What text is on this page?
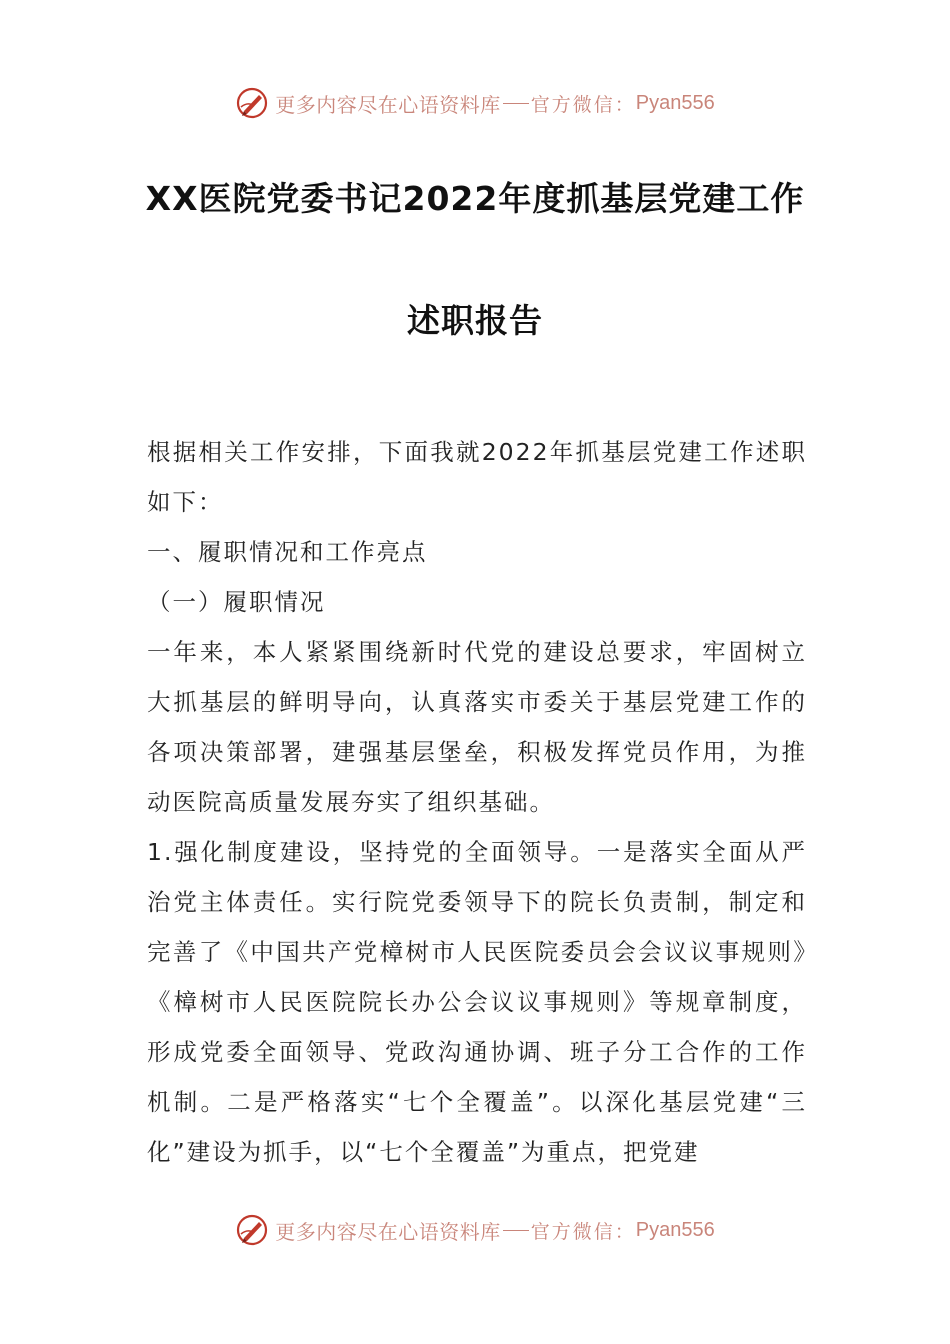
更多内容尽在心语资料库 官方微信： Pyan556
XX医院党委书记2022年度抓基层党建工作
述职报告

根据相关工作安排，下面我就2022年抓基层党建工作述职如下：

一、履职情况和工作亮点

（一）履职情况

一年来，本人紧紧围绕新时代党的建设总要求，牢固树立大抓基层的鲜明导向，认真落实市委关于基层党建工作的各项决策部署，建强基层堡垒，积极发挥党员作用，为推动医院高质量发展夯实了组织基础。

1.强化制度建设，坚持党的全面领导。一是落实全面从严治党主体责任。实行院党委领导下的院长负责制，制定和完善了《中国共产党樟树市人民医院委员会会议议事规则》《樟树市人民医院院长办公会议议事规则》等规章制度，形成党委全面领导、党政沟通协调、班子分工合作的工作机制。二是严格落实“七个全覆盖”。以深化基层党建“三化”建设为抓手，以“七个全覆盖”为重点，把党建

更多内容尽在心语资料库 官方微信： Pyan556
